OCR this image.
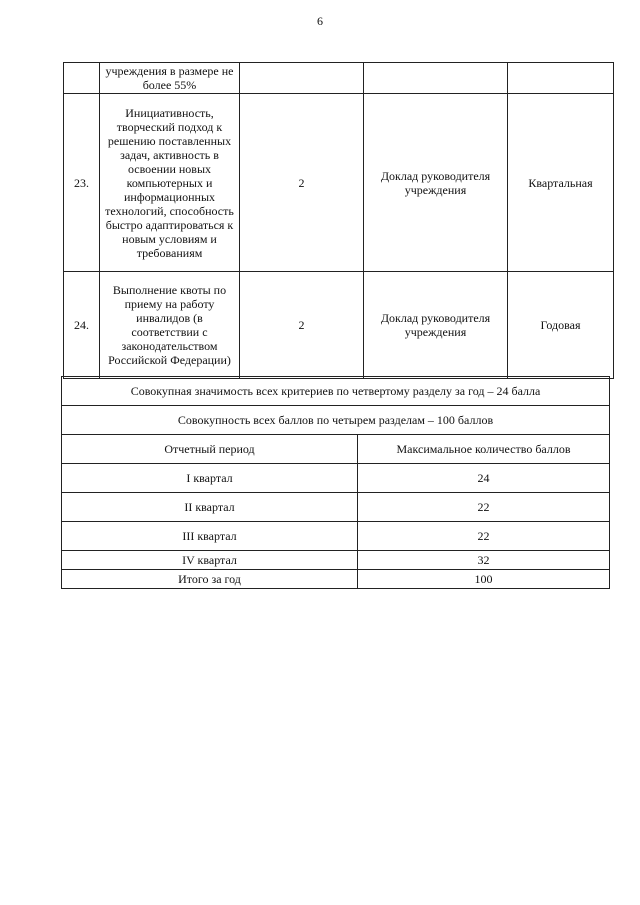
6
	учреждения в размере не более 55%			
23.	Инициативность, творческий подход к решению поставленных задач, активность в освоении новых компьютерных и информационных технологий, способность быстро адаптироваться к новым условиям и требованиям	2	Доклад руководителя учреждения	Квартальная
24.	Выполнение квоты по приему на работу инвалидов (в соответствии с законодательством Российской Федерации)	2	Доклад руководителя учреждения	Годовая
Совокупная значимость всех критериев по четвертому разделу за год – 24 балла	
Совокупность всех баллов по четырем разделам – 100 баллов	
Отчетный период	Максимальное количество баллов
I квартал	24
II квартал	22
III квартал	22
IV квартал	32
Итого за год	100
